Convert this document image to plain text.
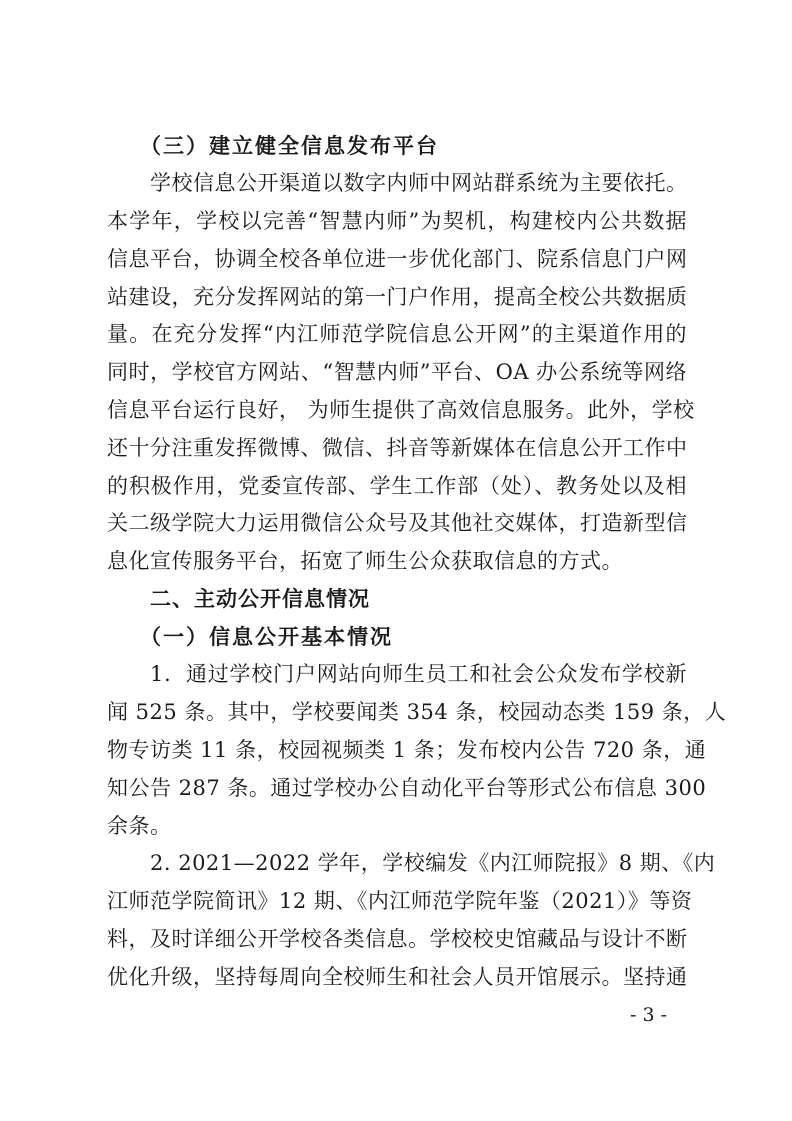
（三）建立健全信息发布平台
学校信息公开渠道以数字内师中网站群系统为主要依托。
本学年，学校以完善“智慧内师”为契机，构建校内公共数据
信息平台，协调全校各单位进一步优化部门、院系信息门户网
站建设，充分发挥网站的第一门户作用，提高全校公共数据质
量。在充分发挥“内江师范学院信息公开网”的主渠道作用的
同时，学校官方网站、“智慧内师”平台、OA 办公系统等网络
信息平台运行良好， 为师生提供了高效信息服务。此外，学校
还十分注重发挥微博、微信、抖音等新媒体在信息公开工作中
的积极作用，党委宣传部、学生工作部（处）、教务处以及相
关二级学院大力运用微信公众号及其他社交媒体，打造新型信
息化宣传服务平台，拓宽了师生公众获取信息的方式。
二、主动公开信息情况
（一）信息公开基本情况
1．通过学校门户网站向师生员工和社会公众发布学校新
闻 525 条。其中，学校要闻类 354 条，校园动态类 159 条，人
物专访类 11 条，校园视频类 1 条；发布校内公告 720 条，通
知公告 287 条。通过学校办公自动化平台等形式公布信息 300
余条。
2. 2021—2022 学年，学校编发《内江师院报》8 期、《内
江师范学院简讯》12 期、《内江师范学院年鉴（2021）》等资
料，及时详细公开学校各类信息。学校校史馆藏品与设计不断
优化升级，坚持每周向全校师生和社会人员开馆展示。坚持通
- 3 -
